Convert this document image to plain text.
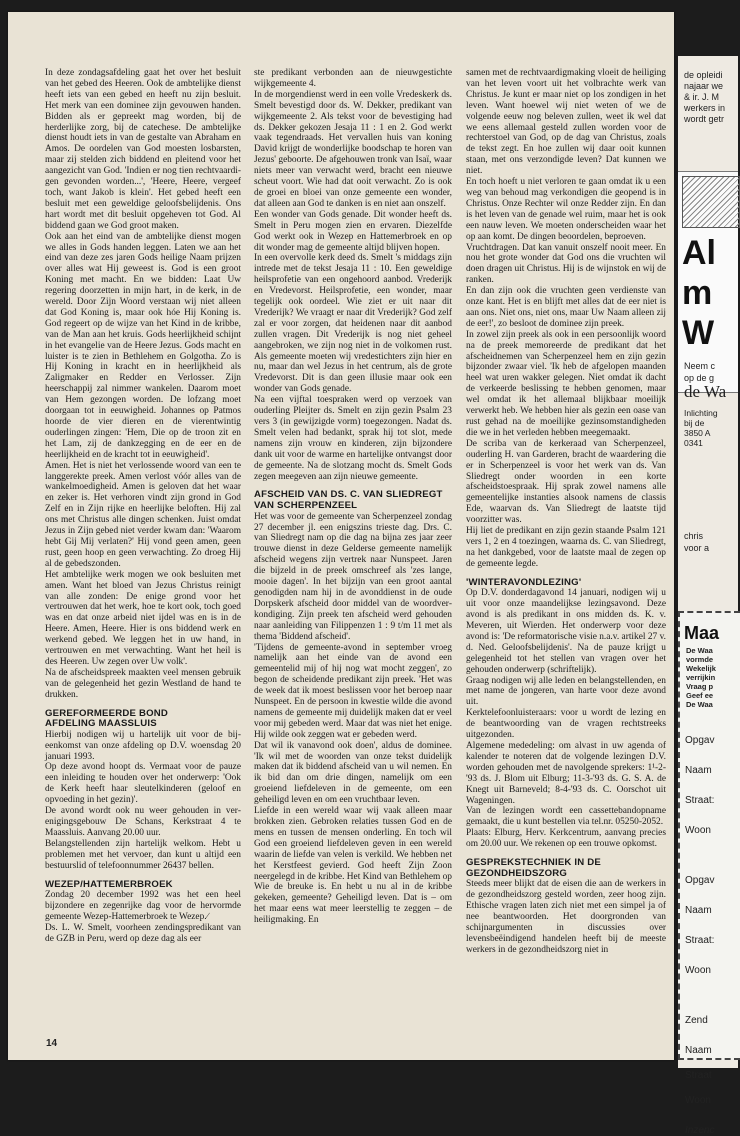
In deze zondagsafdeling gaat het over het besluit van het gebed des Heeren. Ook de ambtelijke dienst heeft iets van een gebed en heeft nu zijn besluit. Het merk van een dominee zijn gevouwen handen. Bidden als er gepreekt mag worden, bij de herderlijke zorg, bij de catechese. De ambtelijke dienst houdt iets in van de gestalte van Abraham en Amos. De oordelen van God moesten losbarsten, maar zij stelden zich biddend en pleitend voor het aangezicht van God. 'Indien er nog tien rechtvaardigen gevonden worden...', 'Heere, Heere, vergeef toch, want Jakob is klein'. Het gebed heeft een besluit met een geweldige geloofsbelijdenis. Ons hart wordt met dit besluit opgeheven tot God. Al biddend gaan we God groot maken.

Ook aan het eind van de ambtelijke dienst mogen we alles in Gods handen leggen. Laten we aan het eind van deze zes jaren Gods heilige Naam prijzen over alles wat Hij geweest is. God is een groot Koning met macht. En we bidden: Laat Uw regering doorzetten in mijn hart, in de kerk, in de wereld. Door Zijn Woord verstaan wij niet alleen dat God Koning is, maar ook hóe Hij Koning is. God regeert op de wijze van het Kind in de kribbe, van de Man aan het kruis. Gods heerlijkheid schijnt in het evangelie van de Heere Jezus. Gods macht en luister is te zien in Bethlehem en Golgotha. Zo is Hij Koning in kracht en in heerlijkheid als Zaligmaker en Redder en Verlosser. Zijn heerschappij zal nimmer wankelen. Daarom moet van Hem gezongen worden. De lofzang moet doorgaan tot in eeuwigheid. Johannes op Patmos hoorde de vier dieren en de vierentwintig ouderlingen zingen: 'Hem, Die op de troon zit en het Lam, zij de dankzegging en de eer en de heerlijkheid en de kracht tot in eeuwigheid'.

Amen. Het is niet het verlossende woord van een te langgerekte preek. Amen verlost vóór alles van de wankelmoedigheid. Amen is geloven dat het waar en zeker is. Het verhoren vindt zijn grond in God Zelf en in Zijn rijke en heerlijke beloften. Hij zal ons met Christus alle dingen schenken. Juist omdat Jezus in Zijn gebed niet verder kwam dan: 'Waarom hebt Gij Mij verlaten?' Hij vond geen amen, geen rust, geen hoop en geen verwachting. Zo droeg Hij al de gebedszonden.

Het ambtelijke werk mogen we ook besluiten met amen. Want het bloed van Jezus Christus reinigt van alle zonden: De enige grond voor het vertrouwen dat het werk, hoe te kort ook, toch goed was en dat onze arbeid niet ijdel was en is in de Heere. Amen, Heere. Hier is ons biddend werk en werkend gebed. We leggen het in uw hand, in vertrouwen en met verwachting. Want het heil is des Heeren. Uw zegen over Uw volk'.

Na de afscheidspreek maakten veel mensen gebruik van de gelegenheid het gezin Westland de hand te drukken.

GEREFORMEERDE BOND
AFDELING MAASSLUIS

Hierbij nodigen wij u hartelijk uit voor de bijeenkomst van onze afdeling op D.V. woensdag 20 januari 1993.

Op deze avond hoopt ds. Vermaat voor de pauze een inleiding te houden over het onderwerp: 'Ook de Kerk heeft haar sleutelkinderen (geloof en opvoeding in het gezin)'.

De avond wordt ook nu weer gehouden in verenigingsgebouw De Schans, Kerkstraat 4 te Maassluis. Aanvang 20.00 uur.

Belangstellenden zijn hartelijk welkom. Hebt u problemen met het vervoer, dan kunt u altijd een bestuurslid of telefoonnummer 26437 bellen.

WEZEP/HATTEMERBROEK

Zondag 20 december 1992 was het een heel bijzondere en zegenrijke dag voor de hervormde gemeente Wezep-Hattemerbroek te Wezep.∕

Ds. L. W. Smelt, voorheen zendingspredikant van de GZB in Peru, werd op deze dag als eer

ste predikant verbonden aan de nieuwgestichte wijkgemeente 4.

In de morgendienst werd in een volle Vredeskerk ds. Smelt bevestigd door ds. W. Dekker, predikant van wijkgemeente 2. Als tekst voor de bevestiging had ds. Dekker gekozen Jesaja 11 : 1 en 2. God werkt vaak tegendraads. Het vervallen huis van koning David krijgt de wonderlijke boodschap te horen van Jezus' geboorte. De afgehouwen tronk van Isaï, waar niets meer van verwacht werd, bracht een nieuwe scheut voort. Wie had dat ooit verwacht. Zo is ook de groei en bloei van onze gemeente een wonder, dat alleen aan God te danken is en niet aan onszelf.

Een wonder van Gods genade. Dit wonder heeft ds. Smelt in Peru mogen zien en ervaren. Diezelfde God werkt ook in Wezep en Hattemerbroek en op dit wonder mag de gemeente altijd blijven hopen.

In een overvolle kerk deed ds. Smelt 's middags zijn intrede met de tekst Jesaja 11 : 10. Een geweldige heilsprofetie van een ongehoord aanbod. Vrederijk en Vredevorst. Heilsprofetie, een wonder, maar tegelijk ook oordeel. Wie ziet er uit naar dit Vrederijk? We vraagt er naar dit Vrederijk? God zelf zal er voor zorgen, dat heidenen naar dit aanbod zullen vragen. Dit Vrederijk is nog niet geheel aangebroken, we zijn nog niet in de volkomen rust. Als gemeente moeten wij vredestichters zijn hier en nu, maar dan wel Jezus in het centrum, als de grote Vredevorst. Dit is dan geen illusie maar ook een wonder van Gods genade.

Na een vijftal toespraken werd op verzoek van ouderling Pleijter ds. Smelt en zijn gezin Psalm 23 vers 3 (in gewijzigde vorm) toegezongen. Nadat ds. Smelt velen had bedankt, sprak hij tot slot, mede namens zijn vrouw en kinderen, zijn bijzondere dank uit voor de warme en hartelijke ontvangst door de gemeente. Na de slotzang mocht ds. Smelt Gods zegen meegeven aan zijn nieuwe gemeente.

AFSCHEID VAN DS. C. VAN SLIEDREGT
VAN SCHERPENZEEL

Het was voor de gemeente van Scherpenzeel zondag 27 december jl. een enigszins trieste dag. Drs. C. van Sliedregt nam op die dag na bijna zes jaar zeer trouwe dienst in deze Gelderse gemeente namelijk afscheid wegens zijn vertrek naar Nunspeet. Jaren die bijzeld in de preek omschreef als 'zes lange, mooie dagen'. In het bijzijn van een groot aantal genodigden nam hij in de avonddienst in de oude Dorpskerk afscheid door middel van de woordverkondiging. Zijn preek ten afscheid werd gehouden naar aanleiding van Filippenzen 1 : 9 t/m 11 met als thema 'Biddend afscheid'.

'Tijdens de gemeente-avond in september vroeg namelijk aan het einde van de avond een gemeentelid mij of hij nog wat mocht zeggen', zo begon de scheidende predikant zijn preek. 'Het was de week dat ik moest beslissen voor het beroep naar Nunspeet. En de persoon in kwestie wilde die avond namens de gemeente mij duidelijk maken dat er veel voor mij gebeden werd. Maar dat was niet het enige. Hij wilde ook zeggen wat er gebeden werd.

Dat wil ik vanavond ook doen', aldus de dominee. 'Ik wil met de woorden van onze tekst duidelijk maken dat ik biddend afscheid van u wil nemen. En ik bid dan om drie dingen, namelijk om een groeiend liefdeleven in de gemeente, om een geheiligd leven en om een vruchtbaar leven.

Liefde in een wereld waar wij vaak alleen maar brokken zien. Gebroken relaties tussen God en de mens en tussen de mensen onderling. En toch wil God een groeiend liefdeleven geven in een wereld waarin de liefde van velen is verkild. We hebben net het Kerstfeest gevierd. God heeft Zijn Zoon neergelegd in de kribbe. Het Kind van Bethlehem op Wie de breuke is. En hebt u nu al in de kribbe gekeken, gemeente? Geheiligd leven. Dat is – om het maar eens wat meer leerstellig te zeggen – de heiligmaking. En

samen met de rechtvaardigmaking vloeit de heiliging van het leven voort uit het volbrachte werk van Christus. Je kunt er maar niet op los zondigen in het leven. Want hoewel wij niet weten of we de volgende eeuw nog beleven zullen, weet ik wel dat we eens allemaal gesteld zullen worden voor de rechterstoel van God, op de dag van Christus, zoals de tekst zegt. En hoe zullen wij daar ooit kunnen staan, met ons verzondigde leven? Dat kunnen we niet.

En toch hoeft u niet verloren te gaan omdat ik u een weg van behoud mag verkondigen die geopend is in Christus. Onze Rechter wil onze Redder zijn. En dan is het leven van de genade wel ruim, maar het is ook een nauw leven. We moeten onderscheiden waar het op aan komt. De dingen beoordelen, beproeven.

Vruchtdragen. Dat kan vanuit onszelf nooit meer. En nou het grote wonder dat God ons die vruchten wil doen dragen uit Christus. Hij is de wijnstok en wij de ranken.

En dan zijn ook die vruchten geen verdienste van onze kant. Het is en blijft met alles dat de eer niet is aan ons. Niet ons, niet ons, maar Uw Naam alleen zij de eer!', zo besloot de dominee zijn preek.

In zowel zijn preek als ook in een persoonlijk woord na de preek memoreerde de predikant dat het afscheidnemen van Scherpenzeel hem en zijn gezin bijzonder zwaar viel. 'Ik heb de afgelopen maanden heel wat uren wakker gelegen. Niet omdat ik dacht de verkeerde beslissing te hebben genomen, maar wel omdat ik het allemaal blijkbaar moeilijk verwerkt heb. We hebben hier als gezin een oase van rust gehad na de moeilijke gezinsomstandigheden die we in het verleden hebben meegemaakt.

De scriba van de kerkeraad van Scherpenzeel, ouderling H. van Garderen, bracht de waardering die er in Scherpenzeel is voor het werk van ds. Van Sliedregt onder woorden in een korte afscheidstoespraak. Hij sprak zowel namens alle gemeentelijke instanties alsook namens de classis Ede, waarvan ds. Van Sliedregt de laatste tijd voorzitter was.

Hij liet de predikant en zijn gezin staande Psalm 121 vers 1, 2 en 4 toezingen, waarna ds. C. van Sliedregt, na het dankgebed, voor de laatste maal de zegen op de gemeente legde.

'WINTERAVONDLEZING'

Op D.V. donderdagavond 14 januari, nodigen wij u uit voor onze maandelijkse lezingsavond. Deze avond is als predikant in ons midden ds. K. v. Meveren, uit Wierden. Het onderwerp voor deze avond is: 'De reformatorische visie n.a.v. artikel 27 v. d. Ned. Geloofsbelijdenis'. Na de pauze krijgt u gelegenheid tot het stellen van vragen over het gehouden onderwerp (schriftelijk).

Graag nodigen wij alle leden en belangstellenden, en met name de jongeren, van harte voor deze avond uit.

Kerktelefoonluisteraars: voor u wordt de lezing en de beantwoording van de vragen rechtstreeks uitgezonden.

Algemene mededeling: om alvast in uw agenda of kalender te noteren dat de volgende lezingen D.V. worden gehouden met de navolgende sprekers: 1¹-2-'93 ds. J. Blom uit Elburg; 11-3-'93 ds. G. S. A. de Knegt uit Barneveld; 8-4-'93 ds. C. Oorschot uit Wageningen.

Van de lezingen wordt een cassettebandopname gemaakt, die u kunt bestellen via tel.nr. 05250-2052.

Plaats: Elburg, Herv. Kerkcentrum, aanvang precies om 20.00 uur. We rekenen op een trouwe opkomst.

GESPREKSTECHNIEK IN DE
GEZONDHEIDSZORG

Steeds meer blijkt dat de eisen die aan de werkers in de gezondheidszorg gesteld worden, zeer hoog zijn. Ethische vragen laten zich niet met een simpel ja of nee beantwoorden. Het doorgronden van schijnargumenten in discussies over levensbeëindigend handelen heeft bij de meeste werkers in de gezondheidszorg niet in

14
de opleidi
najaar we
& ir. J. M
werkers in
wordt getr
Al
m
W
Neem c
op de g
de Wa
Inlichting
bij de
3850 A
0341
chris
voor a
Maa
De Waa
vormde
Wekelijk
verrijkin
Vraag p
Geef ee
De Waa
Opgav
Naam
Straat:
Woon
Opgav
Naam
Straat:
Woon
Zend
Naam
Straat
Woon
Inzenc
